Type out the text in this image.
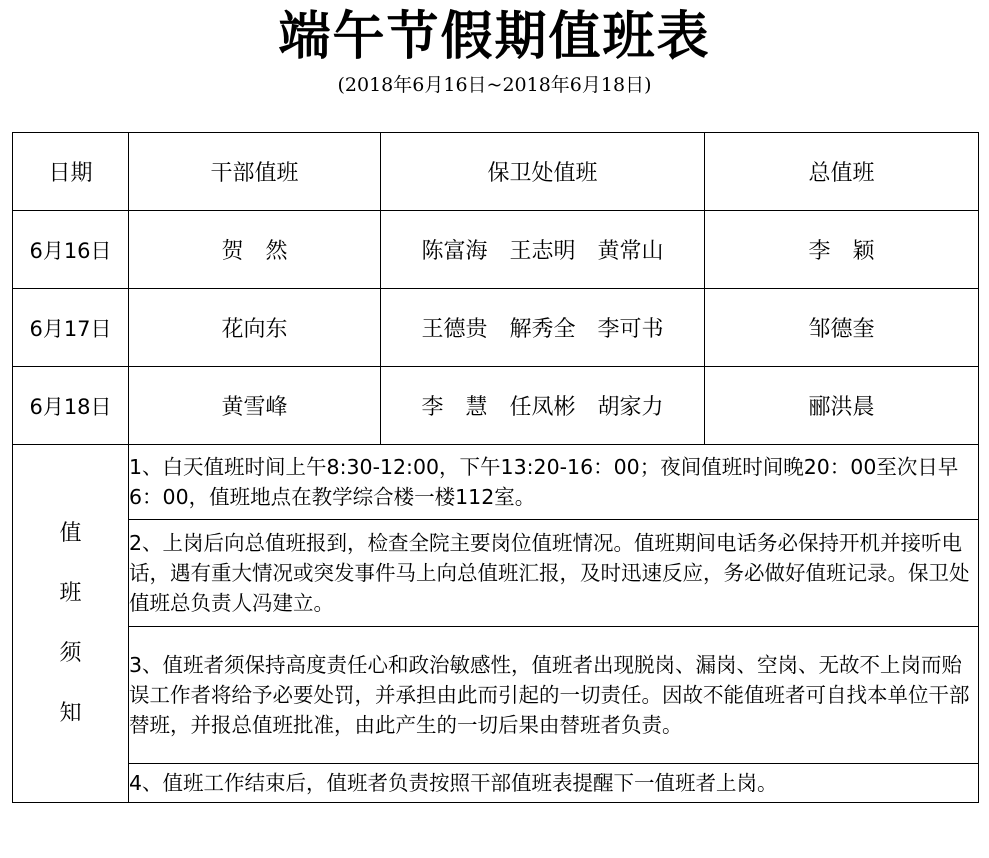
端午节假期值班表
(2018年6月16日~2018年6月18日)
日期	干部值班	保卫处值班	总值班
6月16日	贺　然	陈富海　王志明　黄常山	李　颖
6月17日	花向东	王德贵　解秀全　李可书	邹德奎
6月18日	黄雪峰	李　慧　任凤彬　胡家力	郦洪晨

值
班
须
知	1、白天值班时间上午8:30-12:00，下午13:20-16：00；夜间值班时间晚20：00至次日早6：00，值班地点在教学综合楼一楼112室。		
	2、上岗后向总值班报到，检查全院主要岗位值班情况。值班期间电话务必保持开机并接听电话，遇有重大情况或突发事件马上向总值班汇报，及时迅速反应，务必做好值班记录。保卫处值班总负责人冯建立。		
	3、值班者须保持高度责任心和政治敏感性，值班者出现脱岗、漏岗、空岗、无故不上岗而贻误工作者将给予必要处罚，并承担由此而引起的一切责任。因故不能值班者可自找本单位干部替班，并报总值班批准，由此产生的一切后果由替班者负责。		
	4、值班工作结束后，值班者负责按照干部值班表提醒下一值班者上岗。		
